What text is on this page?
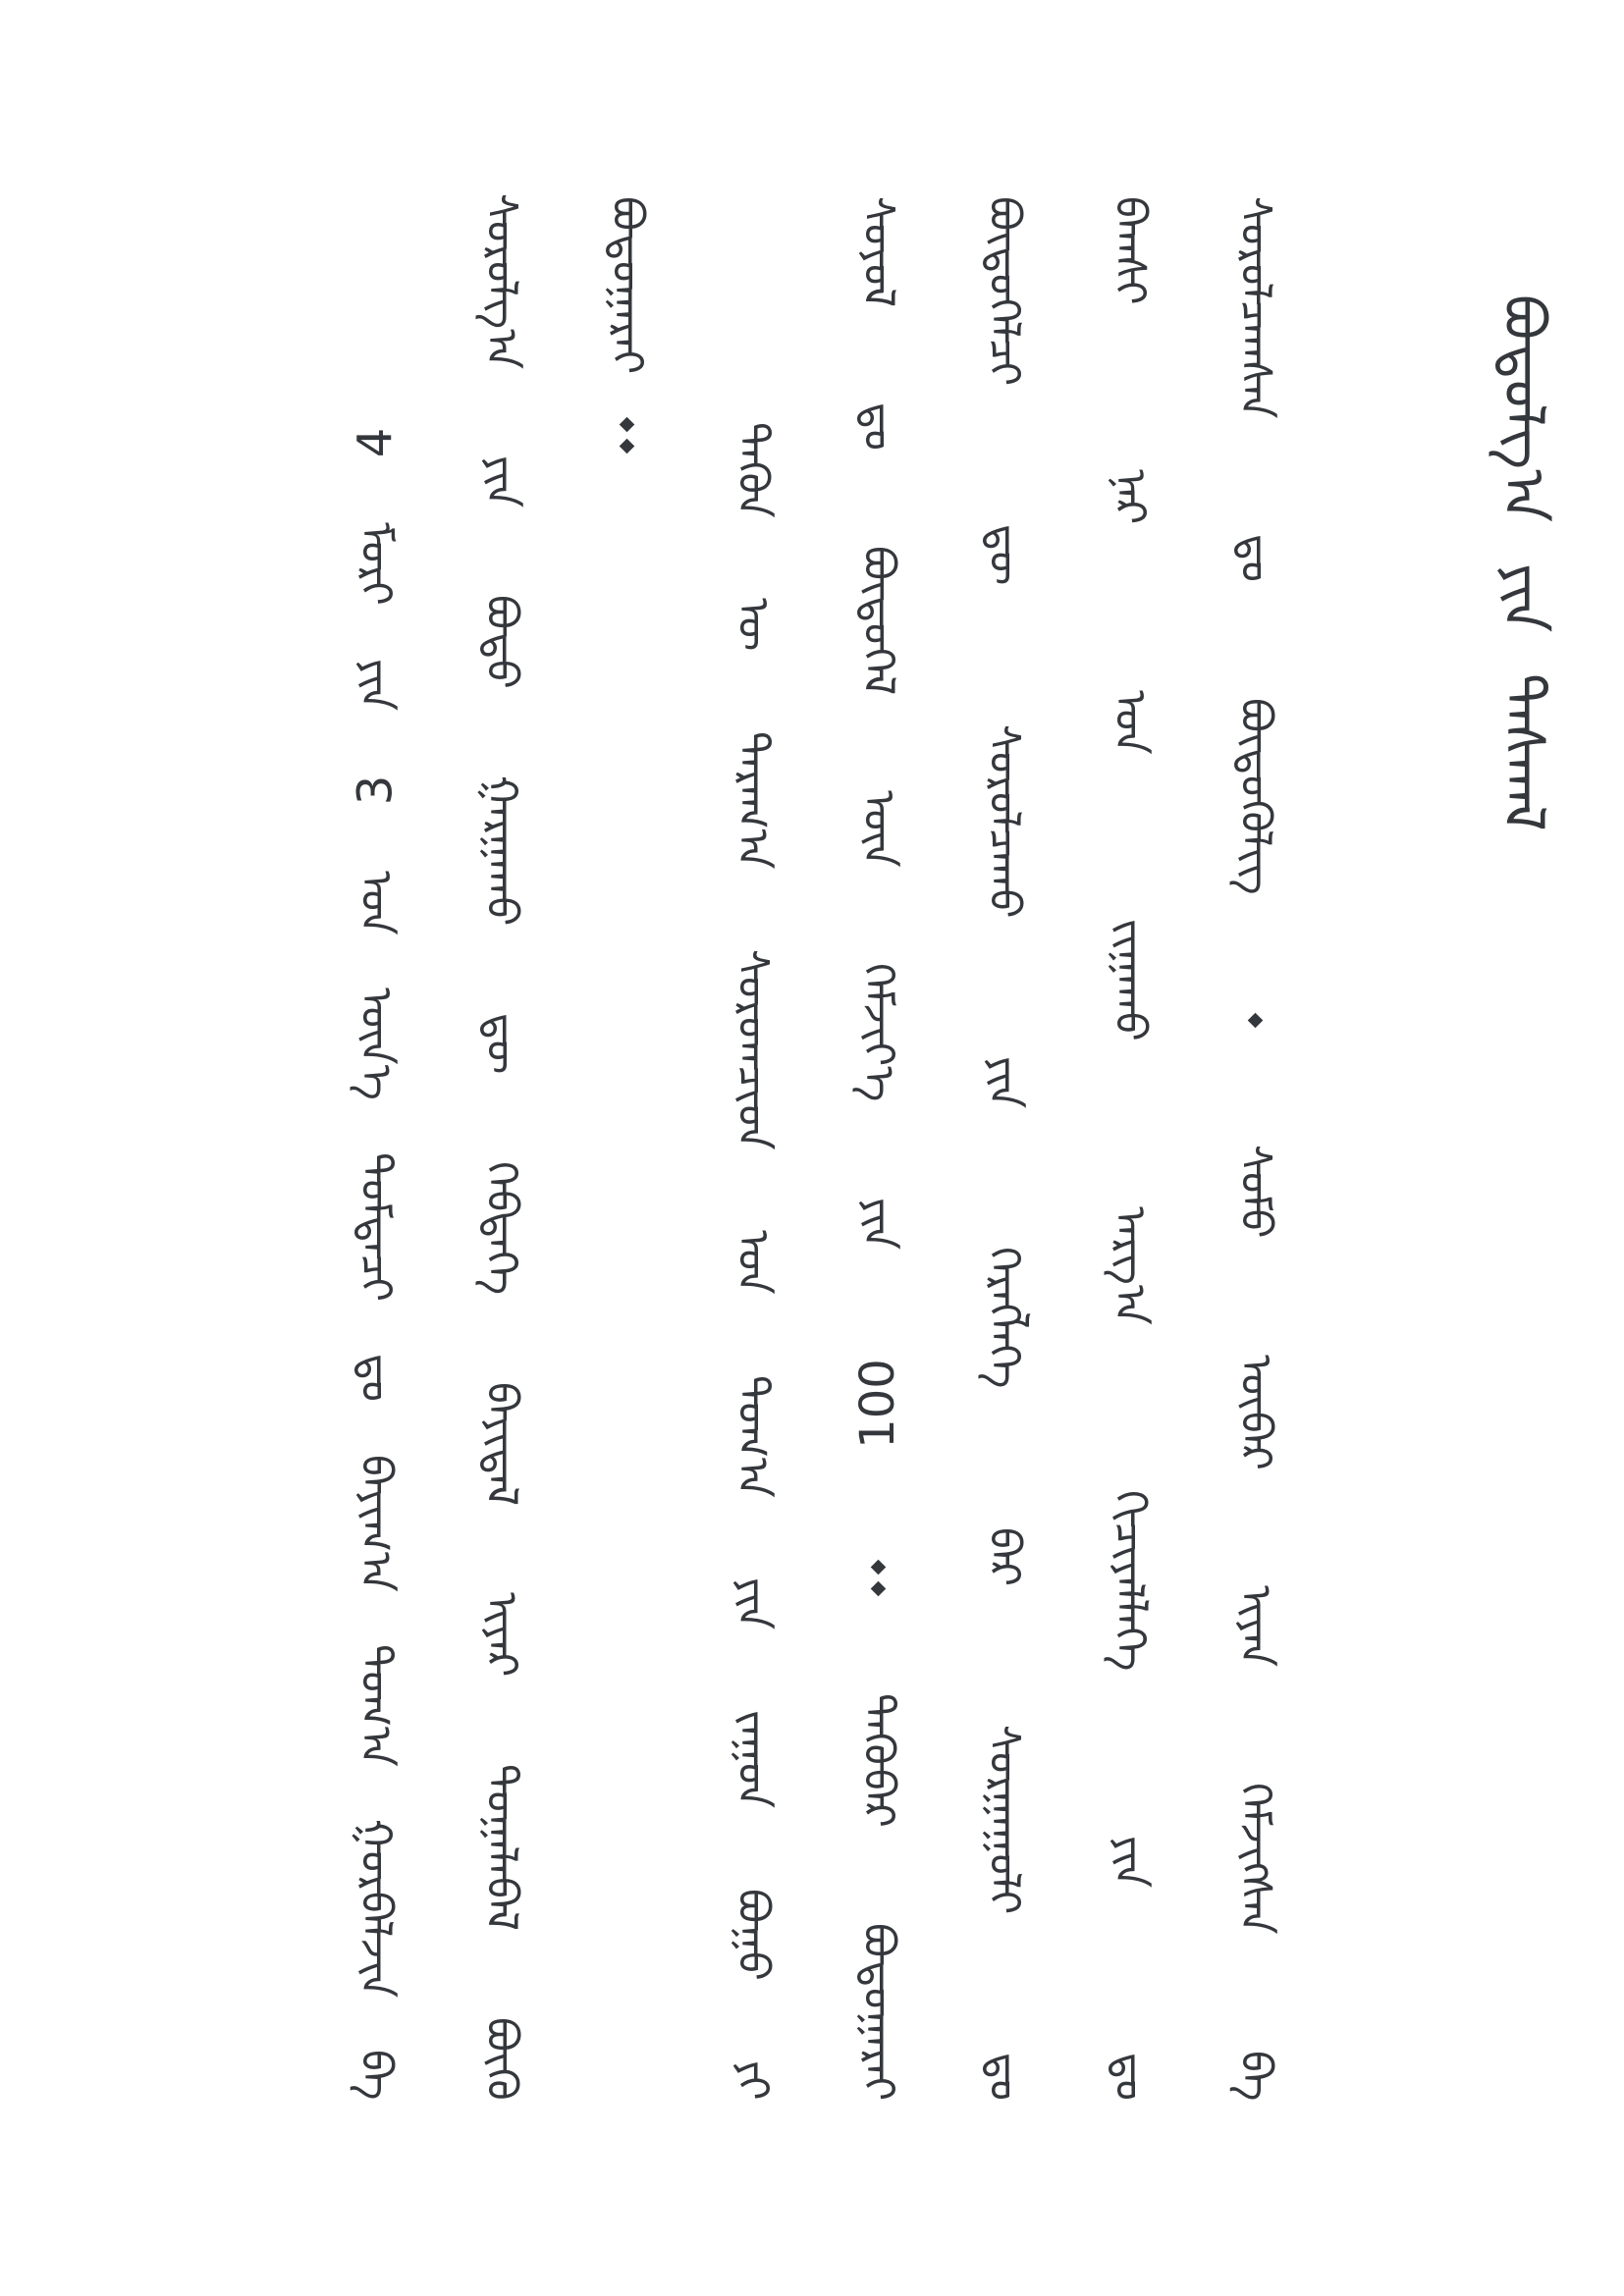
4
ᠮᠣᠷᠢ
ᠶᠢᠨ
3
ᠤᠨ
ᠦᠨ᠎ᠡ
ᠳᠤᠮᠳᠠᠴᠢ
ᠳᠤ
ᠪᠠᠶᠢᠭ᠎ᠠ
ᠲᠣᠭ᠎ᠠ
ᠭᠤᠷᠪᠠᠯᠵᠢᠨ
ᠪᠠ
ᠰᠤᠷᠤᠯᠭ᠎ᠠ
ᠶᠢᠨ
ᠪᠣᠳᠣ
ᠭᠠᠷᠭᠠᠬᠤ
ᠳᠦ
ᠬᠡᠪᠲᠡᠭᠡ
ᠪᠠᠶᠢᠳᠠᠯ
ᠢᠶᠠᠷ
ᠲᠣᠭᠠᠯᠠᠪᠠᠯ
ᠪᠦᠬᠦ
ᠪᠣᠳᠣᠭᠠᠷᠠᠢ
ᠲᠡᠭᠦᠨ
ᠦ
ᠳᠠᠷᠠᠭ᠎ᠠ
ᠰᠤᠷᠤᠭᠴᠢᠳ
ᠤᠨ
ᠲᠣᠭ᠎ᠠ
ᠶᠢᠨ
ᠵᠠᠭᠤᠨ
ᠪᠤᠭᠤ
ᠶᠢ
ᠰᠤᠶᠤᠯ
ᠳᠤ
ᠪᠦᠲᠦᠭᠡᠯ
ᠦᠨ
ᠬᠡᠮᠵᠢᠶ᠎ᠡ
ᠶᠢᠨ
100
ᠲᠡᠭᠦᠪᠡᠷ
ᠪᠣᠳᠣᠭᠠᠷᠠᠢ
ᠪᠦᠲᠦᠭᠡᠯᠴᠢ
ᠳᠦ
ᠰᠤᠷᠤᠯᠴᠠᠬᠤ
ᠶᠢᠨ
ᠬᠡᠷᠡᠭᠯᠡᠭᠡ
ᠪᠡᠷ
ᠰᠤᠷᠭᠠᠭᠤᠯᠢ
ᠳᠤ
ᠪᠠᠭᠰᠢ
ᠨᠠᠷ
ᠤᠨ
ᠵᠢᠭᠠᠬᠤ
ᠠᠷᠭ᠎ᠠ
ᠬᠢᠴᠢᠶᠡᠯᠯᠡᠭᠡ
ᠶᠢᠨ
ᠳᠤ
ᠰᠤᠷᠤᠯᠴᠠᠭᠰᠠᠨ
ᠳᠤ
ᠪᠦᠳᠦᠭᠦᠯᠢᠭ
ᠰᠤᠮᠤ
ᠥᠪᠡᠷ
ᠢᠶᠡᠨ
ᠬᠡᠮᠵᠢᠭᠰᠡᠨ
ᠪᠡ
ᠪᠣᠳᠣᠯᠭ᠎ᠠ
ᠶᠢᠨ
ᠳᠠᠰᠬᠠᠯ
